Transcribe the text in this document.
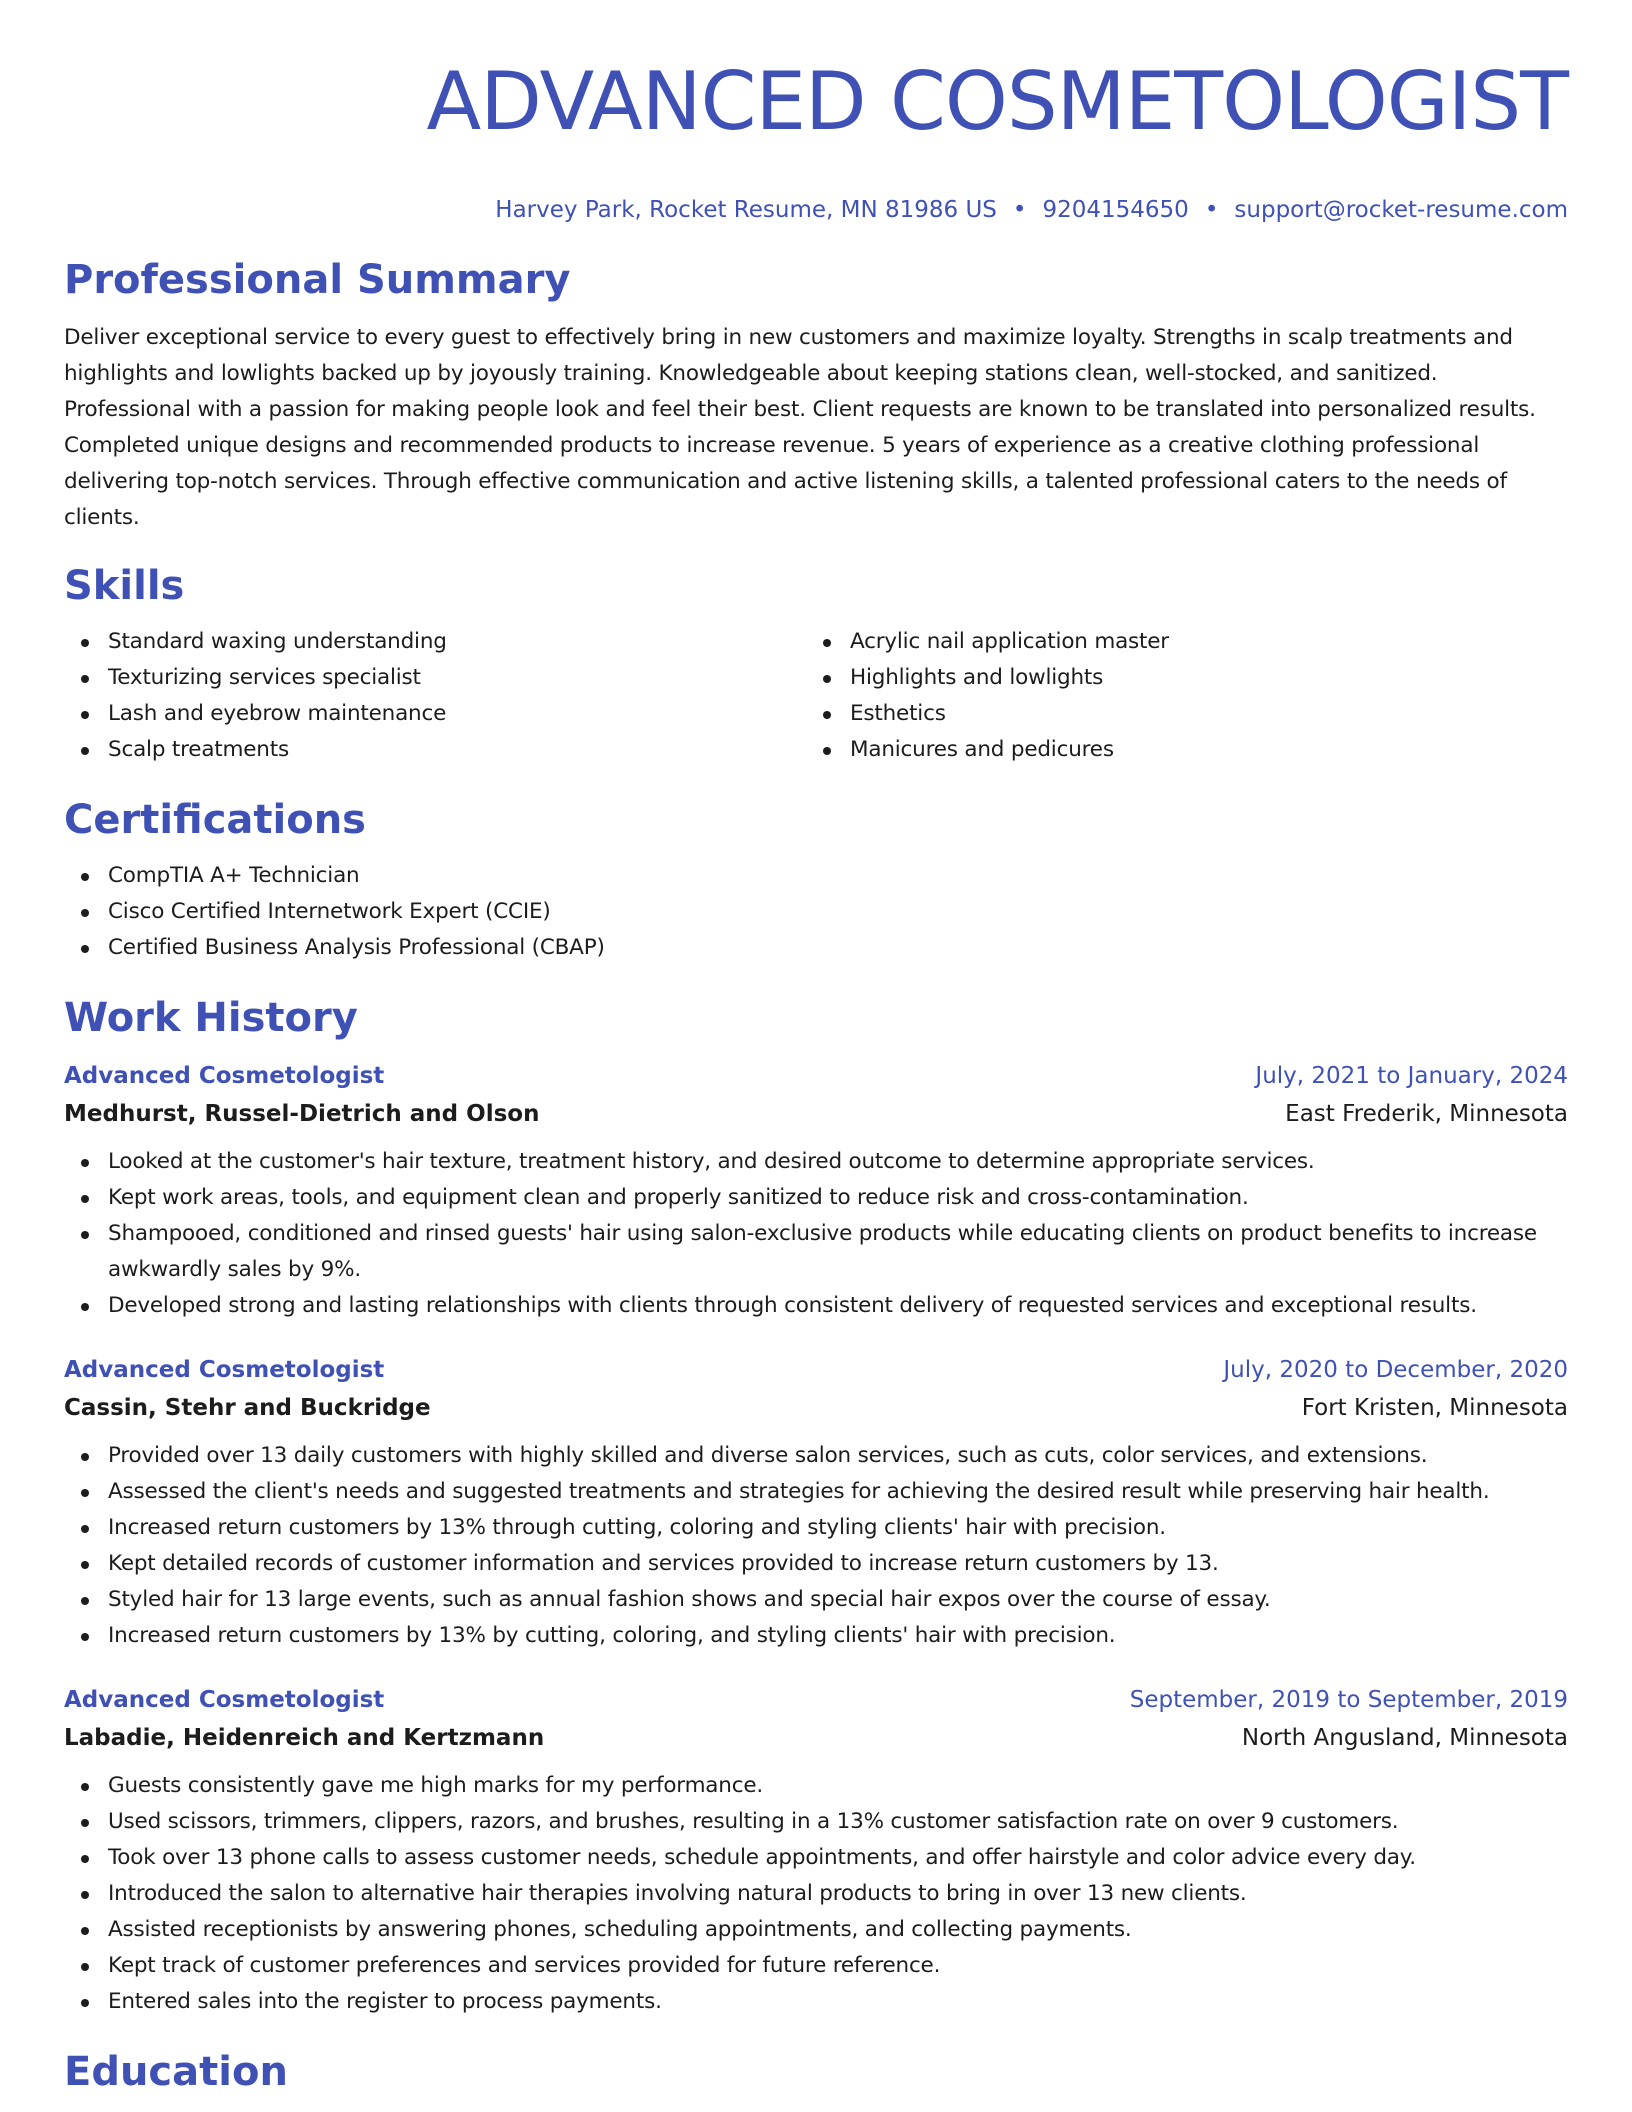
ADVANCED COSMETOLOGIST
Harvey Park, Rocket Resume, MN 81986 US • 9204154650 • support@rocket-resume.com
Professional Summary

Deliver exceptional service to every guest to effectively bring in new customers and maximize loyalty. Strengths in scalp treatments and highlights and lowlights backed up by joyously training. Knowledgeable about keeping stations clean, well-stocked, and sanitized. Professional with a passion for making people look and feel their best. Client requests are known to be translated into personalized results. Completed unique designs and recommended products to increase revenue. 5 years of experience as a creative clothing professional delivering top-notch services. Through effective communication and active listening skills, a talented professional caters to the needs of clients.

Skills
Standard waxing understanding
Texturizing services specialist
Lash and eyebrow maintenance
Scalp treatments
Acrylic nail application master
Highlights and lowlights
Esthetics
Manicures and pedicures
Certifications
CompTIA A+ Technician
Cisco Certified Internetwork Expert (CCIE)
Certified Business Analysis Professional (CBAP)
Work History
Advanced Cosmetologist	July, 2021 to January, 2024
Medhurst, Russel-Dietrich and Olson	East Frederik, Minnesota
Looked at the customer's hair texture, treatment history, and desired outcome to determine appropriate services.
Kept work areas, tools, and equipment clean and properly sanitized to reduce risk and cross-contamination.
Shampooed, conditioned and rinsed guests' hair using salon-exclusive products while educating clients on product benefits to increase awkwardly sales by 9%.
Developed strong and lasting relationships with clients through consistent delivery of requested services and exceptional results.
Advanced Cosmetologist	July, 2020 to December, 2020
Cassin, Stehr and Buckridge	Fort Kristen, Minnesota
Provided over 13 daily customers with highly skilled and diverse salon services, such as cuts, color services, and extensions.
Assessed the client's needs and suggested treatments and strategies for achieving the desired result while preserving hair health.
Increased return customers by 13% through cutting, coloring and styling clients' hair with precision.
Kept detailed records of customer information and services provided to increase return customers by 13.
Styled hair for 13 large events, such as annual fashion shows and special hair expos over the course of essay.
Increased return customers by 13% by cutting, coloring, and styling clients' hair with precision.
Advanced Cosmetologist	September, 2019 to September, 2019
Labadie, Heidenreich and Kertzmann	North Angusland, Minnesota
Guests consistently gave me high marks for my performance.
Used scissors, trimmers, clippers, razors, and brushes, resulting in a 13% customer satisfaction rate on over 9 customers.
Took over 13 phone calls to assess customer needs, schedule appointments, and offer hairstyle and color advice every day.
Introduced the salon to alternative hair therapies involving natural products to bring in over 13 new clients.
Assisted receptionists by answering phones, scheduling appointments, and collecting payments.
Kept track of customer preferences and services provided for future reference.
Entered sales into the register to process payments.
Education
